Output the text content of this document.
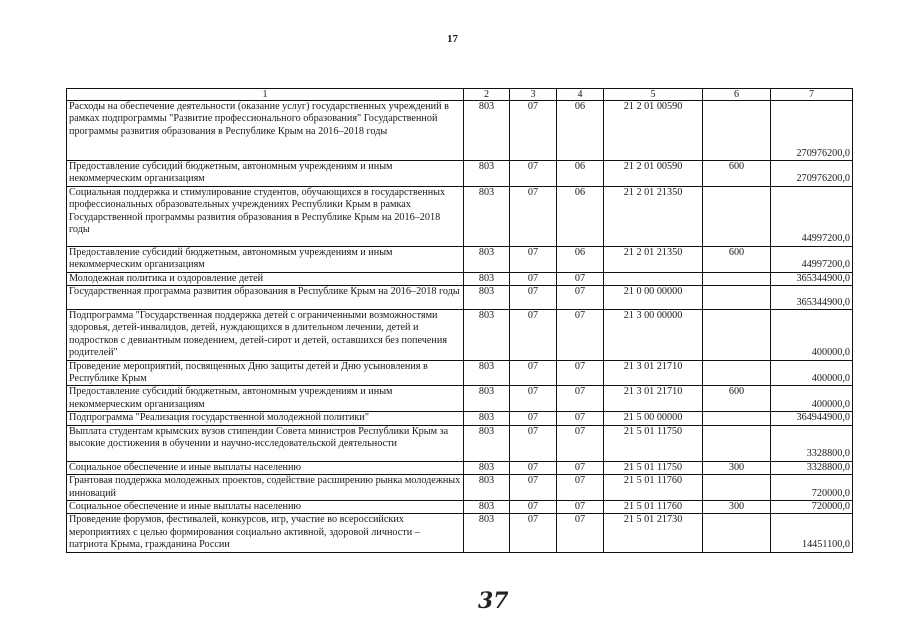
17
1	2	3	4	5	6	7
Расходы на обеспечение деятельности (оказание услуг) государственных учреждений в рамках подпрограммы "Развитие профессионального образования" Государственной программы развития образования в Республике Крым на 2016–2018 годы	803	07	06	21 2 01 00590		270976200,0
Предоставление субсидий бюджетным, автономным учреждениям и иным некоммерческим организациям	803	07	06	21 2 01 00590	600	270976200,0
Социальная поддержка и стимулирование студентов, обучающихся в государственных профессиональных образовательных учреждениях Республики Крым в рамках Государственной программы развития образования в Республике Крым на 2016–2018 годы	803	07	06	21 2 01 21350		44997200,0
Предоставление субсидий бюджетным, автономным учреждениям и иным некоммерческим организациям	803	07	06	21 2 01 21350	600	44997200,0
Молодежная политика и оздоровление детей	803	07	07			365344900,0
Государственная программа развития образования в Республике Крым на 2016–2018 годы	803	07	07	21 0 00 00000		365344900,0
Подпрограмма "Государственная поддержка детей с ограниченными возможностями здоровья, детей-инвалидов, детей, нуждающихся в длительном лечении, детей и подростков с девиантным поведением, детей-сирот и детей, оставшихся без попечения родителей"	803	07	07	21 3 00 00000		400000,0
Проведение мероприятий, посвященных Дню защиты детей и Дню усыновления в Республике Крым	803	07	07	21 3 01 21710		400000,0
Предоставление субсидий бюджетным, автономным учреждениям и иным некоммерческим организациям	803	07	07	21 3 01 21710	600	400000,0
Подпрограмма "Реализация государственной молодежной политики"	803	07	07	21 5 00 00000		364944900,0
Выплата студентам крымских вузов стипендии Совета министров Республики Крым за высокие достижения в обучении и научно-исследовательской деятельности	803	07	07	21 5 01 11750		3328800,0
Социальное обеспечение и иные выплаты населению	803	07	07	21 5 01 11750	300	3328800,0
Грантовая поддержка молодежных проектов, содействие расширению рынка молодежных инноваций	803	07	07	21 5 01 11760		720000,0
Социальное обеспечение и иные выплаты населению	803	07	07	21 5 01 11760	300	720000,0
Проведение форумов, фестивалей, конкурсов, игр, участие во всероссийских мероприятиях с целью формирования социально активной, здоровой личности – патриота Крыма, гражданина России	803	07	07	21 5 01 21730		14451100,0
37
